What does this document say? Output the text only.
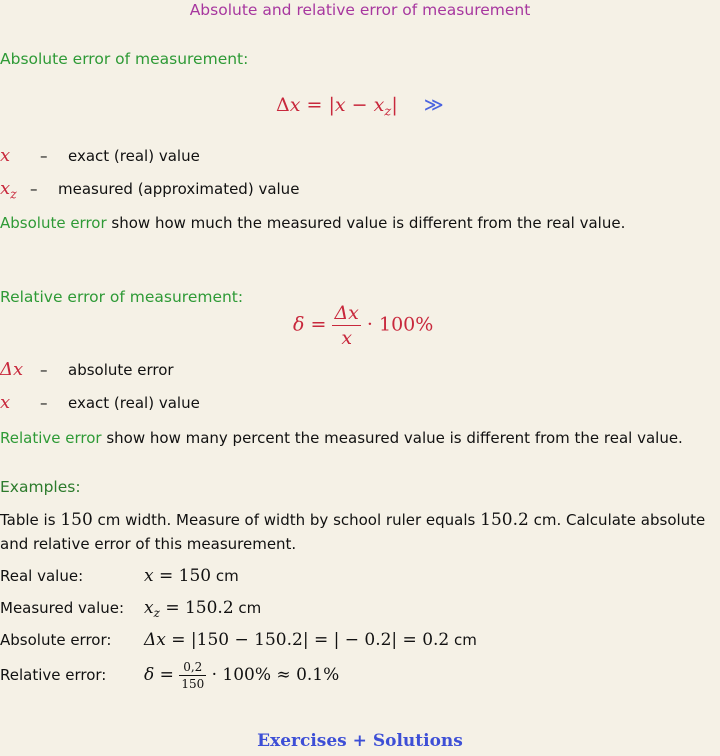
Absolute and relative error of measurement
Absolute error of measurement:
$\Delta x = |x - x_z|$ ≫
x – exact (real) value
$x_z$ – measured (approximated) value
Absolute error show how much the measured value is different from the real value.
Relative error of measurement:
$\delta = \frac{\Delta x}{x} \cdot 100\%$
Δx – absolute error
x – exact (real) value
Relative error show how many percent the measured value is different from the real value.
Examples:
Table is 150 cm width. Measure of width by school ruler equals 150.2 cm. Calculate absolute
and relative error of this measurement.
Real value:	x = 150 cm
Measured value: $x_z = 150.2$ cm
Absolute error: Δx = |150 − 150.2| = | − 0.2| = 0.2 cm
Relative error: $\delta = \frac{0,2}{150} \cdot 100\% \approx 0.1\%$
Exercises + Solutions
